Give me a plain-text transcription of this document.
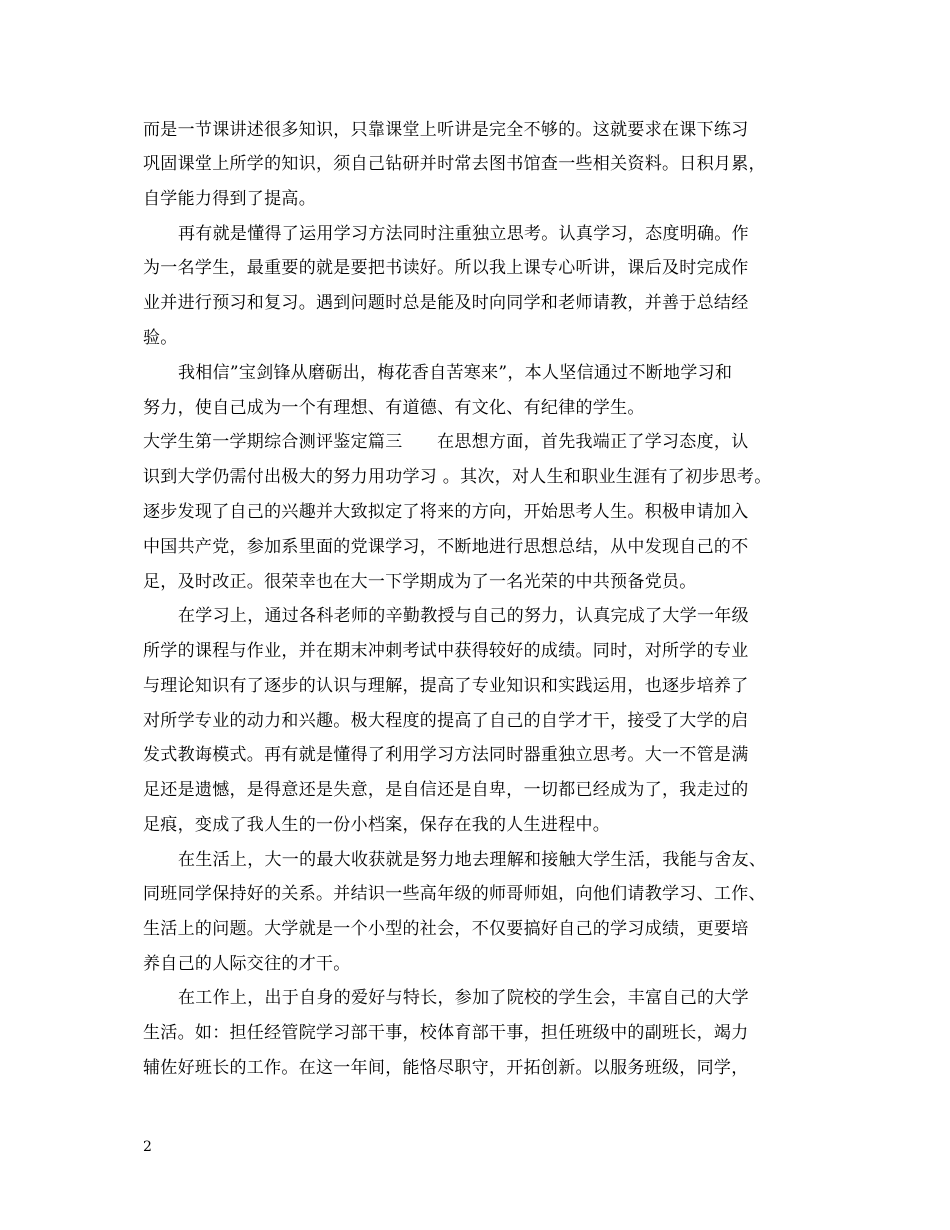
而是一节课讲述很多知识，只靠课堂上听讲是完全不够的。这就要求在课下练习
巩固课堂上所学的知识，须自己钻研并时常去图书馆查一些相关资料。日积月累，
自学能力得到了提高。
再有就是懂得了运用学习方法同时注重独立思考。认真学习，态度明确。作
为一名学生，最重要的就是要把书读好。所以我上课专心听讲，课后及时完成作
业并进行预习和复习。遇到问题时总是能及时向同学和老师请教，并善于总结经
验。
我相信”宝剑锋从磨砺出，梅花香自苦寒来”，本人坚信通过不断地学习和
努力，使自己成为一个有理想、有道德、有文化、有纪律的学生。
大学生第一学期综合测评鉴定篇三　　在思想方面，首先我端正了学习态度，认
识到大学仍需付出极大的努力用功学习 。其次，对人生和职业生涯有了初步思考。
逐步发现了自己的兴趣并大致拟定了将来的方向，开始思考人生。积极申请加入
中国共产党，参加系里面的党课学习，不断地进行思想总结，从中发现自己的不
足，及时改正。很荣幸也在大一下学期成为了一名光荣的中共预备党员。
在学习上，通过各科老师的辛勤教授与自己的努力，认真完成了大学一年级
所学的课程与作业，并在期末冲刺考试中获得较好的成绩。同时，对所学的专业
与理论知识有了逐步的认识与理解，提高了专业知识和实践运用，也逐步培养了
对所学专业的动力和兴趣。极大程度的提高了自己的自学才干，接受了大学的启
发式教诲模式。再有就是懂得了利用学习方法同时器重独立思考。大一不管是满
足还是遗憾，是得意还是失意，是自信还是自卑，一切都已经成为了，我走过的
足痕，变成了我人生的一份小档案，保存在我的人生进程中。
在生活上，大一的最大收获就是努力地去理解和接触大学生活，我能与舍友、
同班同学保持好的关系。并结识一些高年级的师哥师姐，向他们请教学习、工作、
生活上的问题。大学就是一个小型的社会，不仅要搞好自己的学习成绩，更要培
养自己的人际交往的才干。
在工作上，出于自身的爱好与特长，参加了院校的学生会，丰富自己的大学
生活。如：担任经管院学习部干事，校体育部干事，担任班级中的副班长，竭力
辅佐好班长的工作。在这一年间，能恪尽职守，开拓创新。以服务班级，同学，
2
